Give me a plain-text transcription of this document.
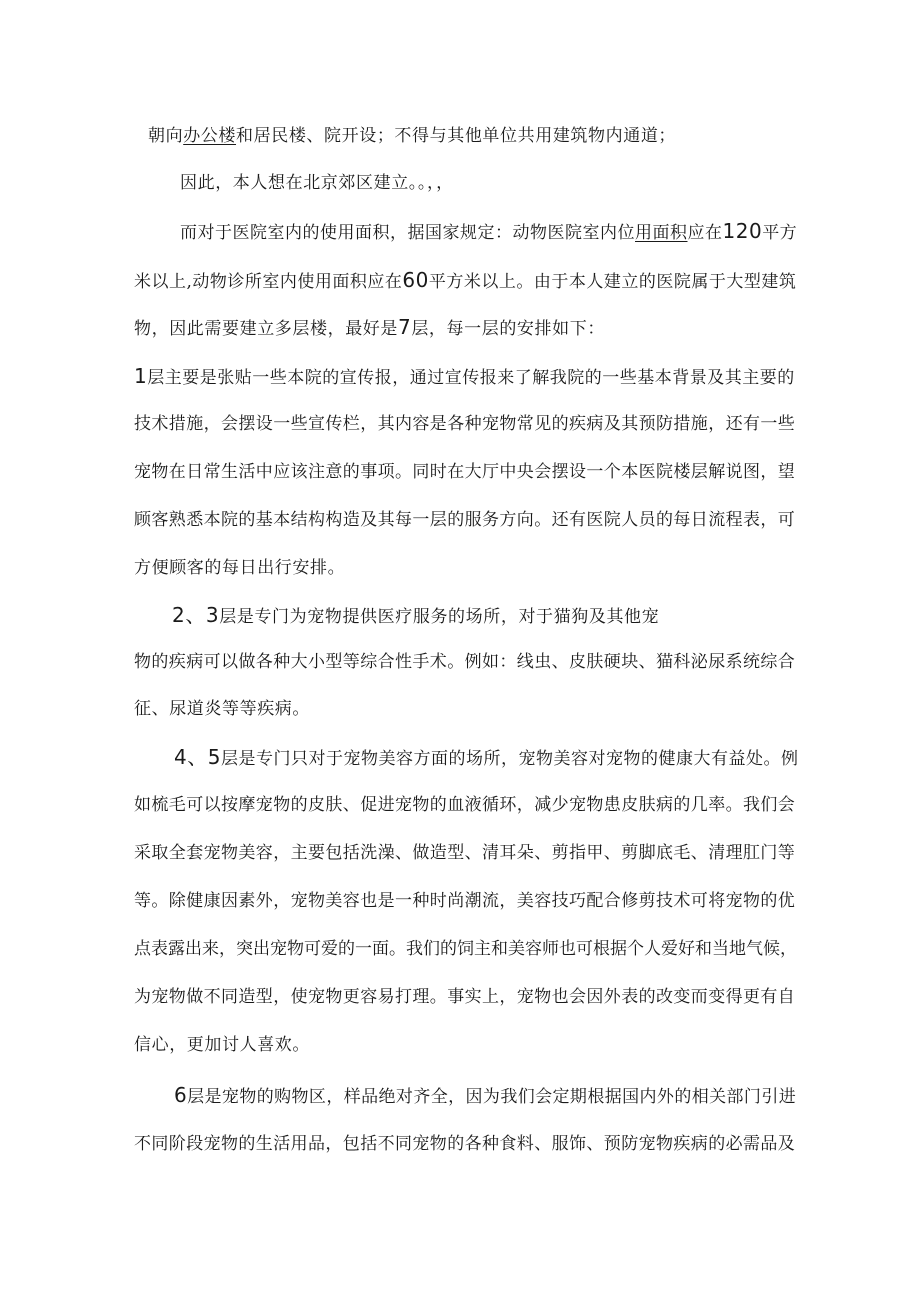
朝向办公楼和居民楼、院开设；不得与其他单位共用建筑物内通道；
因此，本人想在北京郊区建立。。，，
而对于医院室内的使用面积，据国家规定：动物医院室内位用面积应在120平方
米以上,动物诊所室内使用面积应在60平方米以上。由于本人建立的医院属于大型建筑
物，因此需要建立多层楼，最好是7层，每一层的安排如下：
1层主要是张贴一些本院的宣传报，通过宣传报来了解我院的一些基本背景及其主要的
技术措施，会摆设一些宣传栏，其内容是各种宠物常见的疾病及其预防措施，还有一些
宠物在日常生活中应该注意的事项。同时在大厅中央会摆设一个本医院楼层解说图，望
顾客熟悉本院的基本结构构造及其每一层的服务方向。还有医院人员的每日流程表，可
方便顾客的每日出行安排。
2、3层是专门为宠物提供医疗服务的场所，对于猫狗及其他宠
物的疾病可以做各种大小型等综合性手术。例如：线虫、皮肤硬块、猫科泌尿系统综合
征、尿道炎等等疾病。
4、5层是专门只对于宠物美容方面的场所，宠物美容对宠物的健康大有益处。例
如梳毛可以按摩宠物的皮肤、促进宠物的血液循环，减少宠物患皮肤病的几率。我们会
采取全套宠物美容，主要包括洗澡、做造型、清耳朵、剪指甲、剪脚底毛、清理肛门等
等。除健康因素外，宠物美容也是一种时尚潮流，美容技巧配合修剪技术可将宠物的优
点表露出来，突出宠物可爱的一面。我们的饲主和美容师也可根据个人爱好和当地气候，
为宠物做不同造型，使宠物更容易打理。事实上，宠物也会因外表的改变而变得更有自
信心，更加讨人喜欢。
6层是宠物的购物区，样品绝对齐全，因为我们会定期根据国内外的相关部门引进
不同阶段宠物的生活用品，包括不同宠物的各种食料、服饰、预防宠物疾病的必需品及
